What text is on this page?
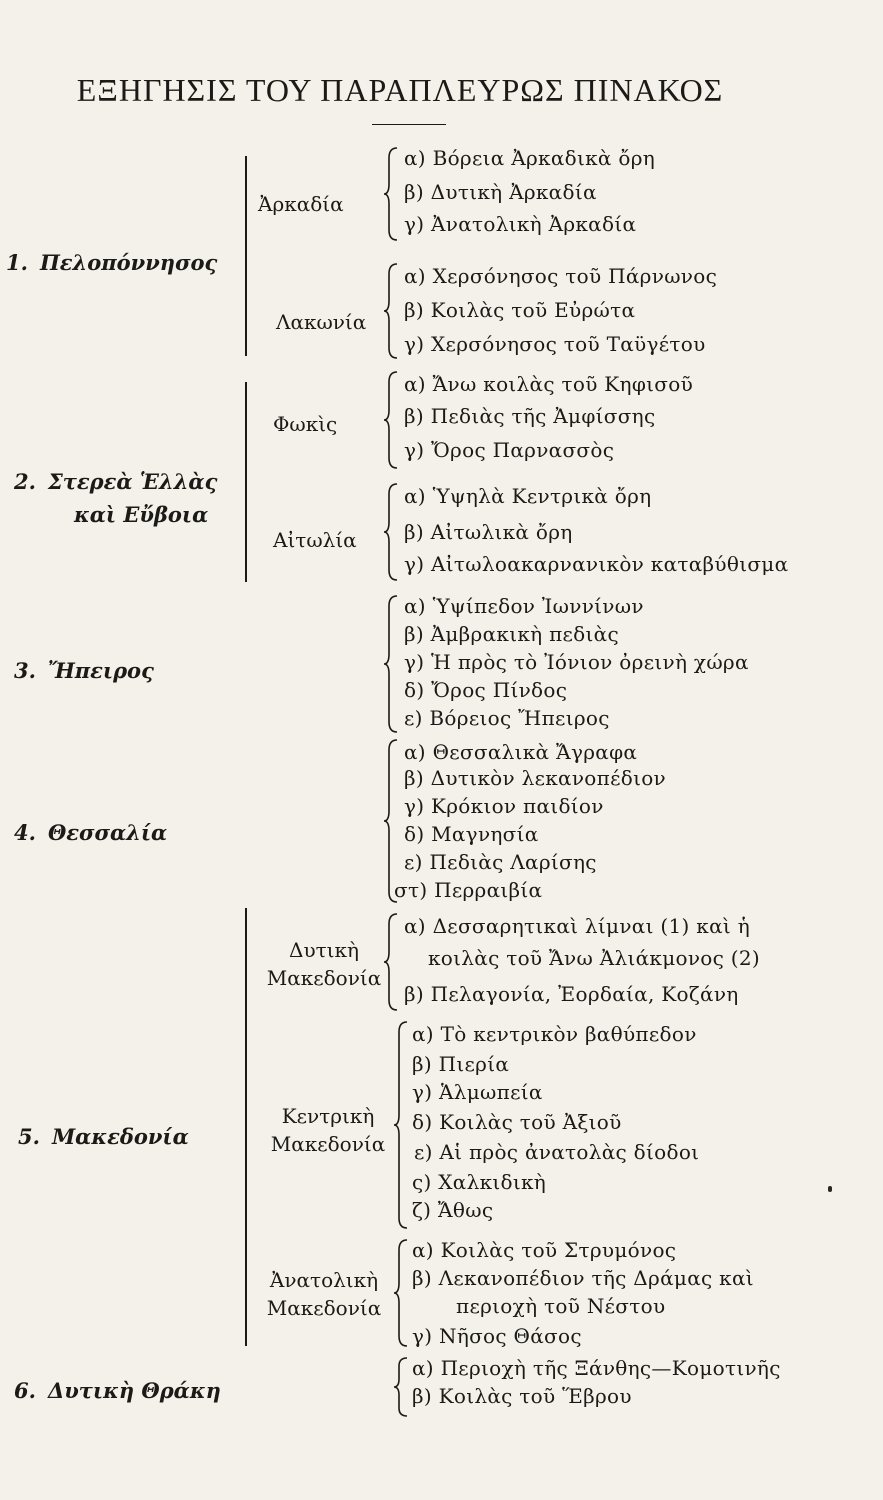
ΕΞΗΓΗΣΙΣ ΤΟΥ ΠΑΡΑΠΛΕΥΡΩΣ ΠΙΝΑΚΟΣ
1. Πελοπόννησος
Ἀρκαδία
α) Βόρεια Ἀρκαδικὰ ὄρη
β) Δυτικὴ Ἀρκαδία
γ) Ἀνατολικὴ Ἀρκαδία
Λακωνία
α) Χερσόνησος τοῦ Πάρνωνος
β) Κοιλὰς τοῦ Εὐρώτα
γ) Χερσόνησος τοῦ Ταϋγέτου
2. Στερεὰ Ἑλλὰς
καὶ Εὔβοια
Φωκὶς
α) Ἄνω κοιλὰς τοῦ Κηφισοῦ
β) Πεδιὰς τῆς Ἀμφίσσης
γ) Ὄρος Παρνασσὸς
Αἰτωλία
α) Ὑψηλὰ Κεντρικὰ ὄρη
β) Αἰτωλικὰ ὄρη
γ) Αἰτωλοακαρνανικὸν καταβύθισμα
3. Ἤπειρος
α) Ὑψίπεδον Ἰωννίνων
β) Ἀμβρακικὴ πεδιὰς
γ) Ἡ πρὸς τὸ Ἰόνιον ὀρεινὴ χώρα
δ) Ὄρος Πίνδος
ε) Βόρειος Ἤπειρος
4. Θεσσαλία
α) Θεσσαλικὰ Ἄγραφα
β) Δυτικὸν λεκανοπέδιον
γ) Κρόκιον παιδίον
δ) Μαγνησία
ε) Πεδιὰς Λαρίσης
στ) Περραιβία
5. Μακεδονία
Δυτικὴ
Μακεδονία
α) Δεσσαρητικαὶ λίμναι (1) καὶ ἡ
κοιλὰς τοῦ Ἄνω Ἀλιάκμονος (2)
β) Πελαγονία, Ἐορδαία, Κοζάνη
Κεντρικὴ
Μακεδονία
α) Τὸ κεντρικὸν βαθύπεδον
β) Πιερία
γ) Ἁλμωπεία
δ) Κοιλὰς τοῦ Ἀξιοῦ
ε) Αἱ πρὸς ἀνατολὰς δίοδοι
ς) Χαλκιδικὴ
ζ) Ἄθως
Ἀνατολικὴ
Μακεδονία
α) Κοιλὰς τοῦ Στρυμόνος
β) Λεκανοπέδιον τῆς Δράμας καὶ
περιοχὴ τοῦ Νέστου
γ) Νῆσος Θάσος
6. Δυτικὴ Θράκη
α) Περιοχὴ τῆς Ξάνθης—Κομοτινῆς
β) Κοιλὰς τοῦ Ἕβρου
